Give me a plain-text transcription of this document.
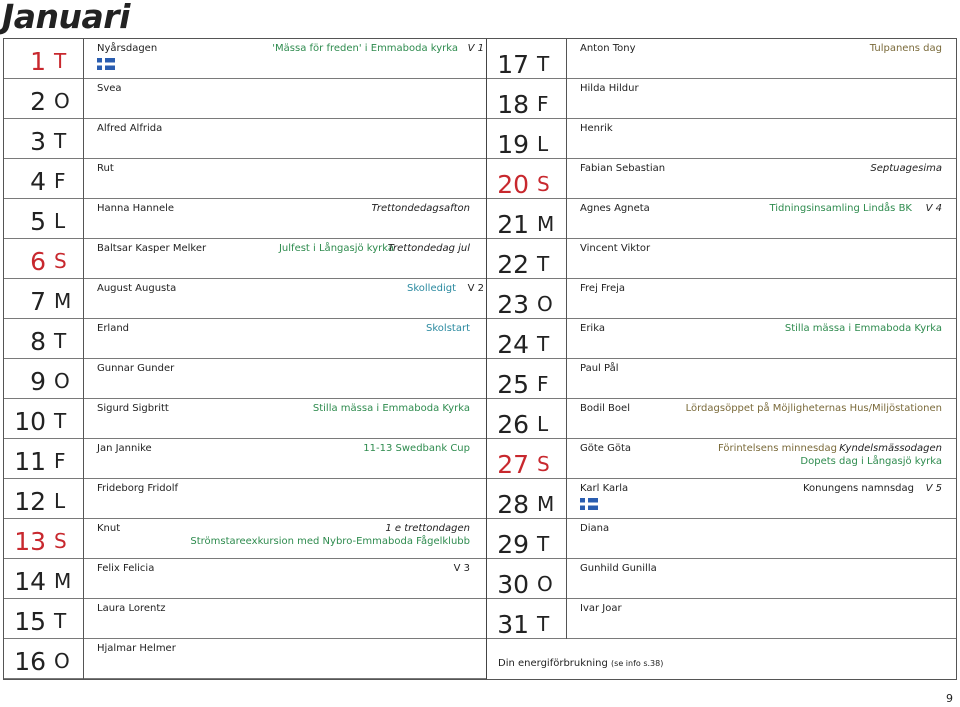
Januari
1 T
Nyårsdagen	'Mässa för freden' i Emmaboda kyrka V 1
2 O
Svea
3 T
Alfred Alfrida
4 F
Rut
5 L
Hanna Hannele	Trettondedagsafton
6 S
Baltsar Kasper Melker	Julfest i Långasjö kyrka
Trettondedag jul
7 M
August Augusta	Skolledigt V 2
8 T
Erland	Skolstart
9 O
Gunnar Gunder
10 T
Sigurd Sigbritt	Stilla mässa i Emmaboda Kyrka
11 F
Jan Jannike	11-13 Swedbank Cup
12 L
Frideborg Fridolf
13 S
Knut	1 e trettondagen
Strömstareexkursion med Nybro-Emmaboda Fågelklubb
14 M
Felix Felicia	V 3
15 T
Laura Lorentz
16 O
Hjalmar Helmer
17 T
Anton Tony	Tulpanens dag
18 F
Hilda Hildur
19 L
Henrik
20 S
Fabian Sebastian	Septuagesima
21 M
Agnes Agneta	Tidningsinsamling Lindås BK V 4
22 T
Vincent Viktor
23 O
Frej Freja
24 T
Erika	Stilla mässa i Emmaboda Kyrka
25 F
Paul Pål
26 L
Bodil Boel	Lördagsöppet på Möjligheternas Hus/Miljöstationen
27 S
Göte Göta	Förintelsens minnesdag Kyndelsmässodagen
Dopets dag i Långasjö kyrka
28 M
Karl Karla	Konungens namnsdag V 5
29 T
Diana
30 O
Gunhild Gunilla
31 T
Ivar Joar
Din energiförbrukning (se info s.38)
9
